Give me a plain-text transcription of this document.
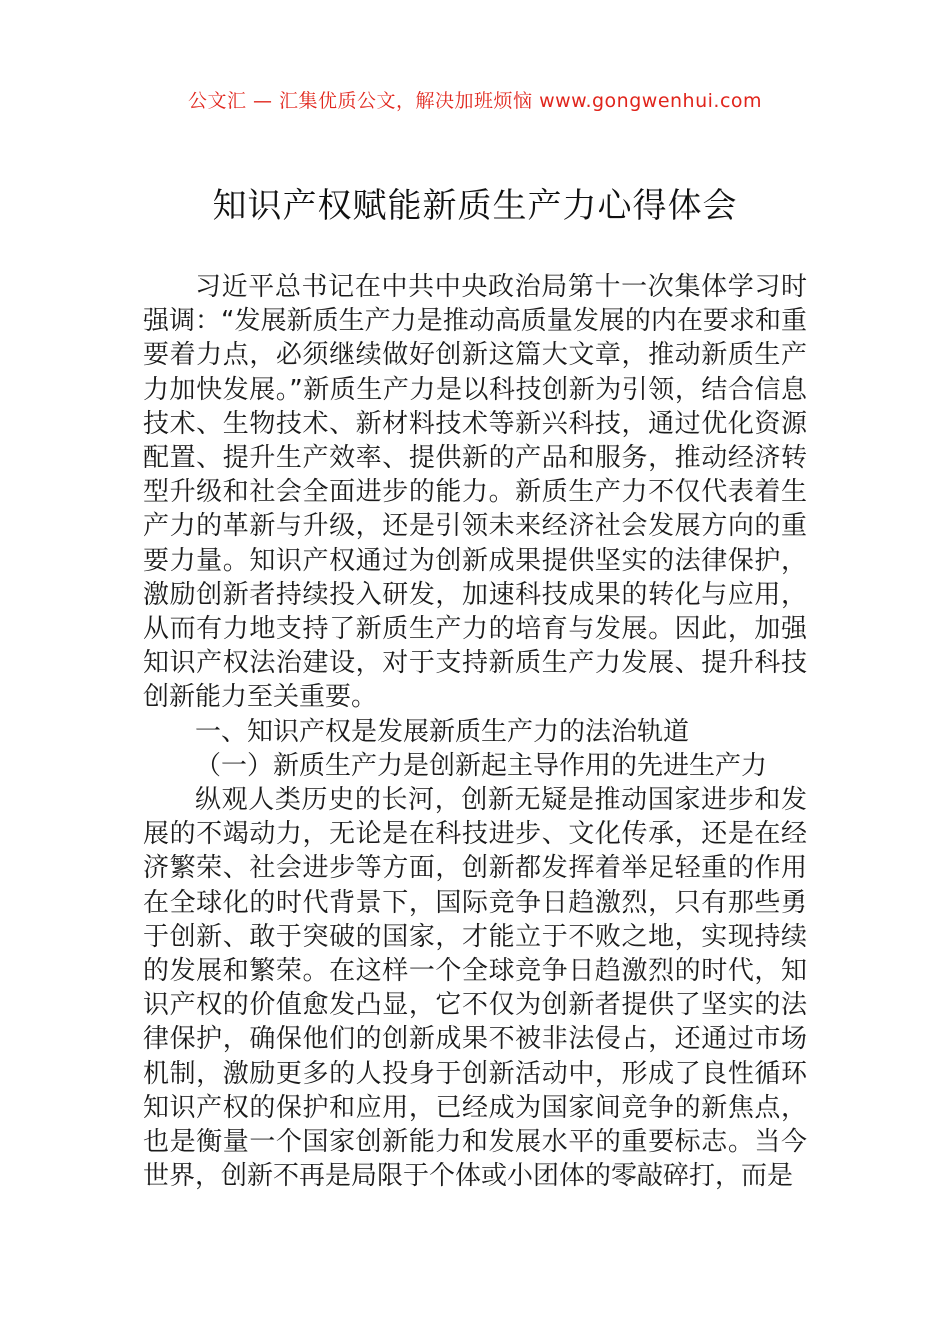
公文汇 — 汇集优质公文，解决加班烦恼 www.gongwenhui.com
知识产权赋能新质生产力心得体会

习近平总书记在中共中央政治局第十一次集体学习时强调：“发展新质生产力是推动高质量发展的内在要求和重要着力点，必须继续做好创新这篇大文章，推动新质生产力加快发展。”新质生产力是以科技创新为引领，结合信息技术、生物技术、新材料技术等新兴科技，通过优化资源配置、提升生产效率、提供新的产品和服务，推动经济转型升级和社会全面进步的能力。新质生产力不仅代表着生产力的革新与升级，还是引领未来经济社会发展方向的重要力量。知识产权通过为创新成果提供坚实的法律保护，激励创新者持续投入研发，加速科技成果的转化与应用，从而有力地支持了新质生产力的培育与发展。因此，加强知识产权法治建设，对于支持新质生产力发展、提升科技创新能力至关重要。

一、知识产权是发展新质生产力的法治轨道

（一）新质生产力是创新起主导作用的先进生产力

纵观人类历史的长河，创新无疑是推动国家进步和发展的不竭动力，无论是在科技进步、文化传承，还是在经济繁荣、社会进步等方面，创新都发挥着举足轻重的作用在全球化的时代背景下，国际竞争日趋激烈，只有那些勇于创新、敢于突破的国家，才能立于不败之地，实现持续的发展和繁荣。在这样一个全球竞争日趋激烈的时代，知识产权的价值愈发凸显，它不仅为创新者提供了坚实的法律保护，确保他们的创新成果不被非法侵占，还通过市场机制，激励更多的人投身于创新活动中，形成了良性循环知识产权的保护和应用，已经成为国家间竞争的新焦点，也是衡量一个国家创新能力和发展水平的重要标志。当今世界，创新不再是局限于个体或小团体的零敲碎打，而是
